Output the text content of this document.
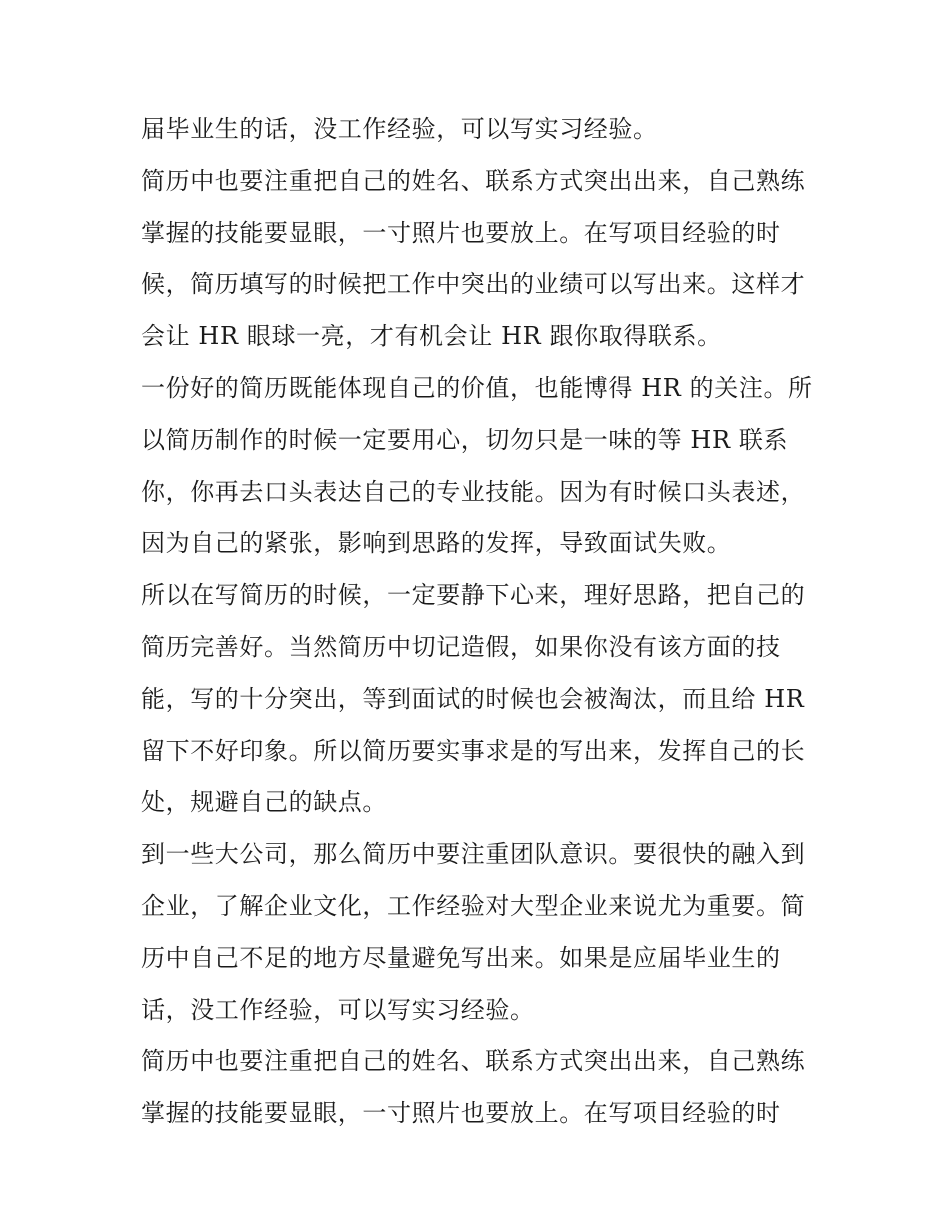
届毕业生的话，没工作经验，可以写实习经验。
简历中也要注重把自己的姓名、联系方式突出出来，自己熟练
掌握的技能要显眼，一寸照片也要放上。在写项目经验的时
候，简历填写的时候把工作中突出的业绩可以写出来。这样才
会让 HR 眼球一亮，才有机会让 HR 跟你取得联系。
一份好的简历既能体现自己的价值，也能博得 HR 的关注。所
以简历制作的时候一定要用心，切勿只是一味的等 HR 联系
你，你再去口头表达自己的专业技能。因为有时候口头表述，
因为自己的紧张，影响到思路的发挥，导致面试失败。
所以在写简历的时候，一定要静下心来，理好思路，把自己的
简历完善好。当然简历中切记造假，如果你没有该方面的技
能，写的十分突出，等到面试的时候也会被淘汰，而且给 HR
留下不好印象。所以简历要实事求是的写出来，发挥自己的长
处，规避自己的缺点。
到一些大公司，那么简历中要注重团队意识。要很快的融入到
企业，了解企业文化，工作经验对大型企业来说尤为重要。简
历中自己不足的地方尽量避免写出来。如果是应届毕业生的
话，没工作经验，可以写实习经验。
简历中也要注重把自己的姓名、联系方式突出出来，自己熟练
掌握的技能要显眼，一寸照片也要放上。在写项目经验的时
